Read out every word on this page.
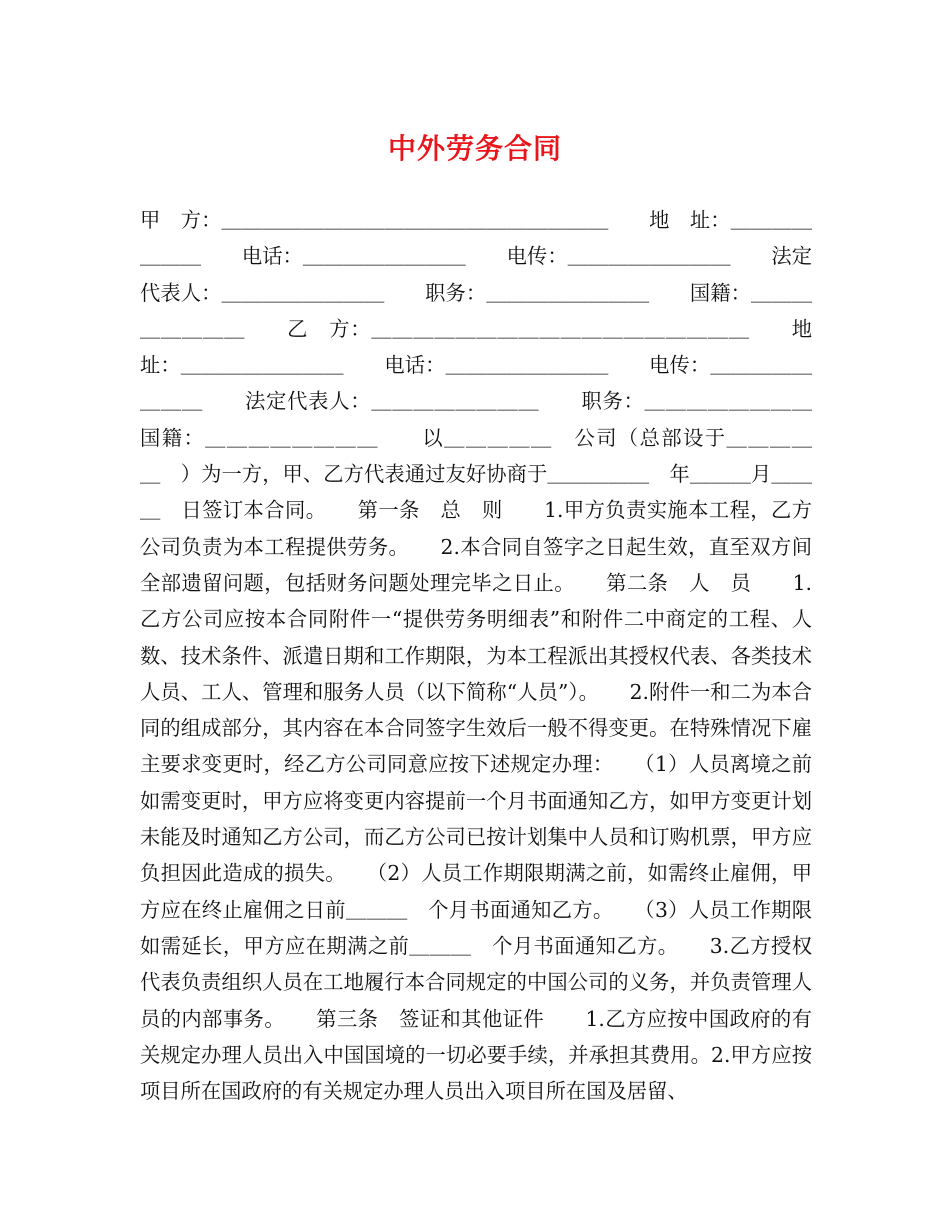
中外劳务合同
甲　方：＿＿＿＿＿＿＿＿＿＿＿＿＿＿＿＿＿＿＿　　地　址：＿＿＿＿＿＿＿　　电话：＿＿＿＿＿＿＿＿　　电传：＿＿＿＿＿＿＿＿　　法定代表人：＿＿＿＿＿＿＿＿　　职务：＿＿＿＿＿＿＿＿　　国籍：＿＿＿＿＿＿＿＿　　乙　方：＿＿＿＿＿＿＿＿＿＿＿＿＿＿＿＿＿＿　　地　址：＿＿＿＿＿＿＿＿　　电话：＿＿＿＿＿＿＿＿　　电传：＿＿＿＿＿＿＿＿　　法定代表人：＿＿＿＿＿＿＿＿　　职务：＿＿＿＿＿＿＿＿　　国籍：＿＿＿＿＿＿＿＿　　以＿＿＿＿＿　公司（总部设于＿＿＿＿＿　）为一方，甲、乙方代表通过友好协商于＿＿＿＿＿　年＿＿＿月＿＿＿　日签订本合同。　　第一条　总　则　　1.甲方负责实施本工程，乙方公司负责为本工程提供劳务。　　2.本合同自签字之日起生效，直至双方间全部遗留问题，包括财务问题处理完毕之日止。　　第二条　人　员　　1.乙方公司应按本合同附件一“提供劳务明细表”和附件二中商定的工程、人数、技术条件、派遣日期和工作期限，为本工程派出其授权代表、各类技术人员、工人、管理和服务人员（以下简称“人员”）。　　2.附件一和二为本合同的组成部分，其内容在本合同签字生效后一般不得变更。在特殊情况下雇主要求变更时，经乙方公司同意应按下述规定办理：　　（1）人员离境之前如需变更时，甲方应将变更内容提前一个月书面通知乙方，如甲方变更计划未能及时通知乙方公司，而乙方公司已按计划集中人员和订购机票，甲方应负担因此造成的损失。　　（2）人员工作期限期满之前，如需终止雇佣，甲方应在终止雇佣之日前＿＿＿　个月书面通知乙方。　　（3）人员工作期限如需延长，甲方应在期满之前＿＿＿　个月书面通知乙方。　　3.乙方授权代表负责组织人员在工地履行本合同规定的中国公司的义务，并负责管理人员的内部事务。　　第三条　签证和其他证件　　1.乙方应按中国政府的有关规定办理人员出入中国国境的一切必要手续，并承担其费用。2.甲方应按项目所在国政府的有关规定办理人员出入项目所在国及居留、
